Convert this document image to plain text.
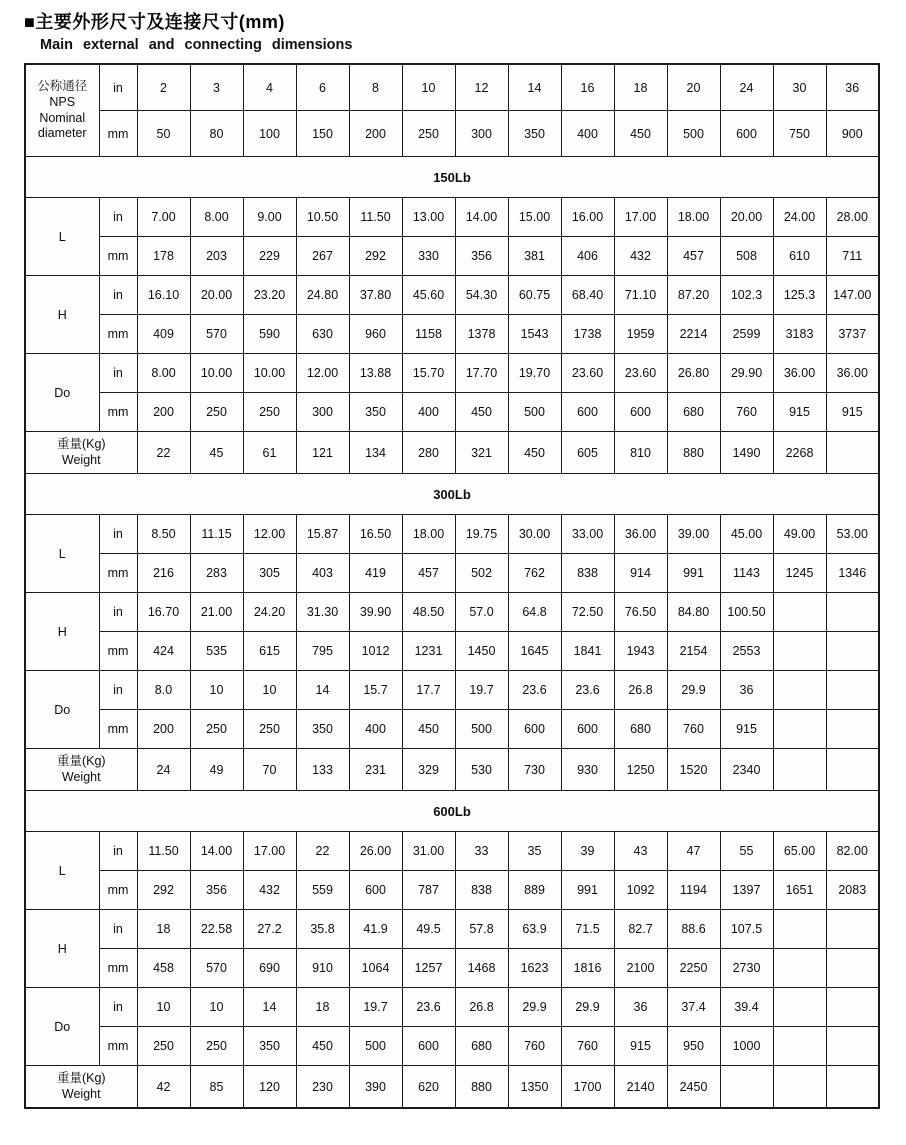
■主要外形尺寸及连接尺寸(mm)
Main external and connecting dimensions
公称通径
NPS
Nominal
diameter	in	2	3	4	6	8	10	12	14	16	18	20	24	30	36
	mm	50	80	100	150	200	250	300	350	400	450	500	600	750	900
150Lb															
L	in	7.00	8.00	9.00	10.50	11.50	13.00	14.00	15.00	16.00	17.00	18.00	20.00	24.00	28.00
	mm	178	203	229	267	292	330	356	381	406	432	457	508	610	711
H	in	16.10	20.00	23.20	24.80	37.80	45.60	54.30	60.75	68.40	71.10	87.20	102.3	125.3	147.00
	mm	409	570	590	630	960	1158	1378	1543	1738	1959	2214	2599	3183	3737
Do	in	8.00	10.00	10.00	12.00	13.88	15.70	17.70	19.70	23.60	23.60	26.80	29.90	36.00	36.00
	mm	200	250	250	300	350	400	450	500	600	600	680	760	915	915

重量(Kg)
Weight		22	45	61	121	134	280	321	450	605	810	880	1490	2268	
300Lb															
L	in	8.50	11.15	12.00	15.87	16.50	18.00	19.75	30.00	33.00	36.00	39.00	45.00	49.00	53.00
	mm	216	283	305	403	419	457	502	762	838	914	991	1143	1245	1346
H	in	16.70	21.00	24.20	31.30	39.90	48.50	57.0	64.8	72.50	76.50	84.80	100.50		
	mm	424	535	615	795	1012	1231	1450	1645	1841	1943	2154	2553		
Do	in	8.0	10	10	14	15.7	17.7	19.7	23.6	23.6	26.8	29.9	36		
	mm	200	250	250	350	400	450	500	600	600	680	760	915		

重量(Kg)
Weight		24	49	70	133	231	329	530	730	930	1250	1520	2340		
600Lb															
L	in	11.50	14.00	17.00	22	26.00	31.00	33	35	39	43	47	55	65.00	82.00
	mm	292	356	432	559	600	787	838	889	991	1092	1194	1397	1651	2083
H	in	18	22.58	27.2	35.8	41.9	49.5	57.8	63.9	71.5	82.7	88.6	107.5		
	mm	458	570	690	910	1064	1257	1468	1623	1816	2100	2250	2730		
Do	in	10	10	14	18	19.7	23.6	26.8	29.9	29.9	36	37.4	39.4		
	mm	250	250	350	450	500	600	680	760	760	915	950	1000		

重量(Kg)
Weight		42	85	120	230	390	620	880	1350	1700	2140	2450			
